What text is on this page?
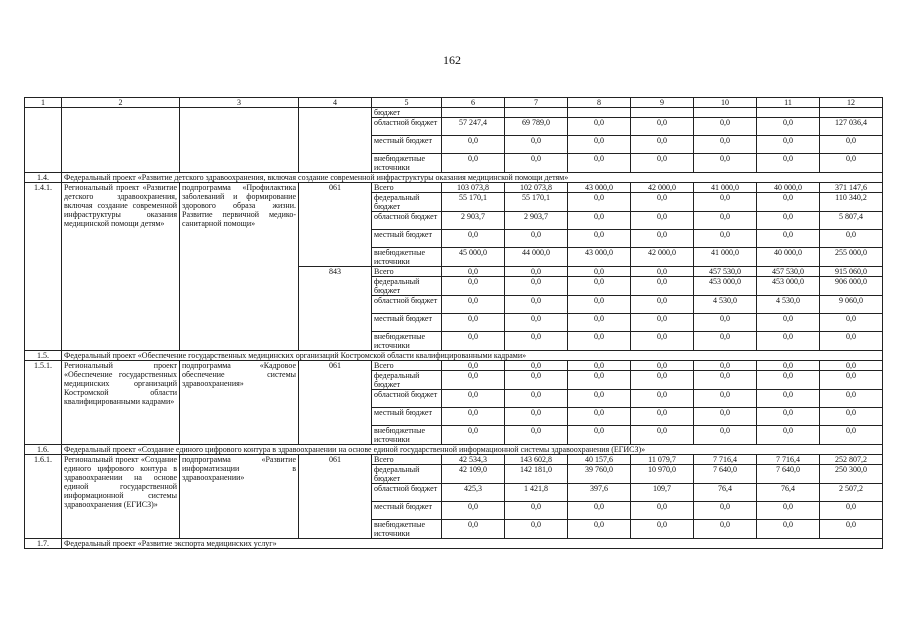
162
1	2	3	4	5	6	7	8	9	10	11	12
				бюджет							
				областной бюджет	57 247,4	69 789,0	0,0	0,0	0,0	0,0	127 036,4
				местный бюджет	0,0	0,0	0,0	0,0	0,0	0,0	0,0
				внебюджетные источники	0,0	0,0	0,0	0,0	0,0	0,0	0,0
1.4.	Федеральный проект «Развитие детского здравоохранения, включая создание современной инфраструктуры оказания медицинской помощи детям»										
1.4.1.	Региональный проект «Развитие детского здравоохранения, включая создание современной инфраструктуры оказания медицинской помощи детям»	подпрограмма «Профилактика заболеваний и формирование здорового образа жизни. Развитие первичной медико-санитарной помощи»	061	Всего	103 073,8	102 073,8	43 000,0	42 000,0	41 000,0	40 000,0	371 147,6
				федеральный бюджет	55 170,1	55 170,1	0,0	0,0	0,0	0,0	110 340,2
				областной бюджет	2 903,7	2 903,7	0,0	0,0	0,0	0,0	5 807,4
				местный бюджет	0,0	0,0	0,0	0,0	0,0	0,0	0,0
				внебюджетные источники	45 000,0	44 000,0	43 000,0	42 000,0	41 000,0	40 000,0	255 000,0
			843	Всего	0,0	0,0	0,0	0,0	457 530,0	457 530,0	915 060,0
				федеральный бюджет	0,0	0,0	0,0	0,0	453 000,0	453 000,0	906 000,0
				областной бюджет	0,0	0,0	0,0	0,0	4 530,0	4 530,0	9 060,0
				местный бюджет	0,0	0,0	0,0	0,0	0,0	0,0	0,0
				внебюджетные источники	0,0	0,0	0,0	0,0	0,0	0,0	0,0
1.5.	Федеральный проект «Обеспечение государственных медицинских организаций Костромской области квалифицированными кадрами»										
1.5.1.	Региональный проект «Обеспечение государственных медицинских организаций Костромской области квалифицированными кадрами»	подпрограмма «Кадровое обеспечение системы здравоохранения»	061	Всего	0,0	0,0	0,0	0,0	0,0	0,0	0,0
				федеральный бюджет	0,0	0,0	0,0	0,0	0,0	0,0	0,0
				областной бюджет	0,0	0,0	0,0	0,0	0,0	0,0	0,0
				местный бюджет	0,0	0,0	0,0	0,0	0,0	0,0	0,0
				внебюджетные источники	0,0	0,0	0,0	0,0	0,0	0,0	0,0
1.6.	Федеральный проект «Создание единого цифрового контура в здравоохранении на основе единой государственной информационной системы здравоохранения (ЕГИСЗ)»										
1.6.1.	Региональный проект «Создание единого цифрового контура в здравоохранении на основе единой государственной информационной системы здравоохранения (ЕГИСЗ)»	подпрограмма «Развитие информатизации в здравоохранении»	061	Всего	42 534,3	143 602,8	40 157,6	11 079,7	7 716,4	7 716,4	252 807,2
				федеральный бюджет	42 109,0	142 181,0	39 760,0	10 970,0	7 640,0	7 640,0	250 300,0
				областной бюджет	425,3	1 421,8	397,6	109,7	76,4	76,4	2 507,2
				местный бюджет	0,0	0,0	0,0	0,0	0,0	0,0	0,0
				внебюджетные источники	0,0	0,0	0,0	0,0	0,0	0,0	0,0
1.7.	Федеральный проект «Развитие экспорта медицинских услуг»										
